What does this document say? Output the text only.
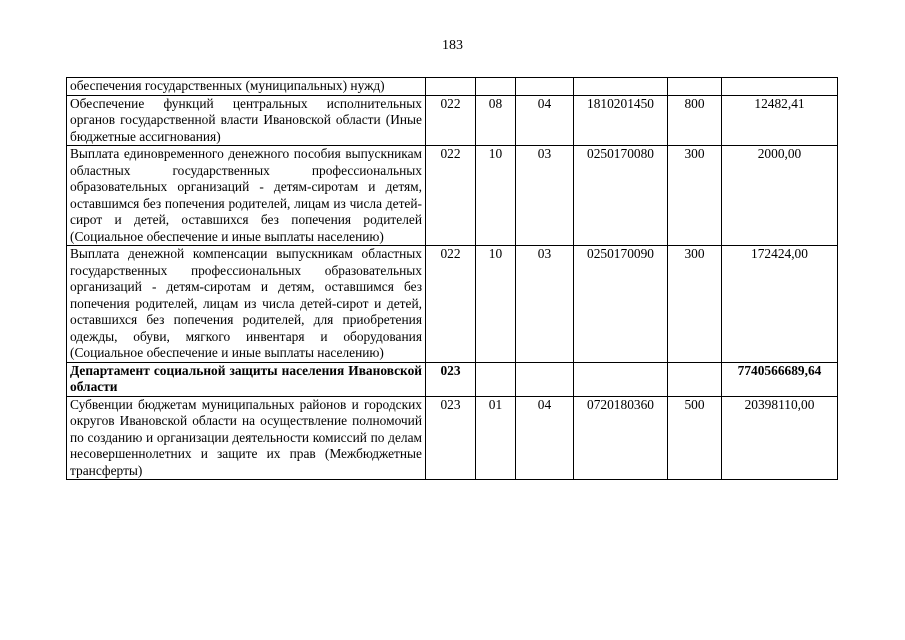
183
обеспечения государственных (муниципальных) нужд)						
Обеспечение функций центральных исполнительных органов государственной власти Ивановской области (Иные бюджетные ассигнования)	022	08	04	1810201450	800	12482,41
Выплата единовременного денежного пособия выпускникам областных государственных профессиональных образовательных организаций - детям-сиротам и детям, оставшимся без попечения родителей, лицам из числа детей-сирот и детей, оставшихся без попечения родителей (Социальное обеспечение и иные выплаты населению)	022	10	03	0250170080	300	2000,00
Выплата денежной компенсации выпускникам областных государственных профессиональных образовательных организаций - детям-сиротам и детям, оставшимся без попечения родителей, лицам из числа детей-сирот и детей, оставшихся без попечения родителей, для приобретения одежды, обуви, мягкого инвентаря и оборудования (Социальное обеспечение и иные выплаты населению)	022	10	03	0250170090	300	172424,00
Департамент социальной защиты населения Ивановской области	023					7740566689,64
Субвенции бюджетам муниципальных районов и городских округов Ивановской области на осуществление полномочий по созданию и организации деятельности комиссий по делам несовершеннолетних и защите их прав (Межбюджетные трансферты)	023	01	04	0720180360	500	20398110,00
